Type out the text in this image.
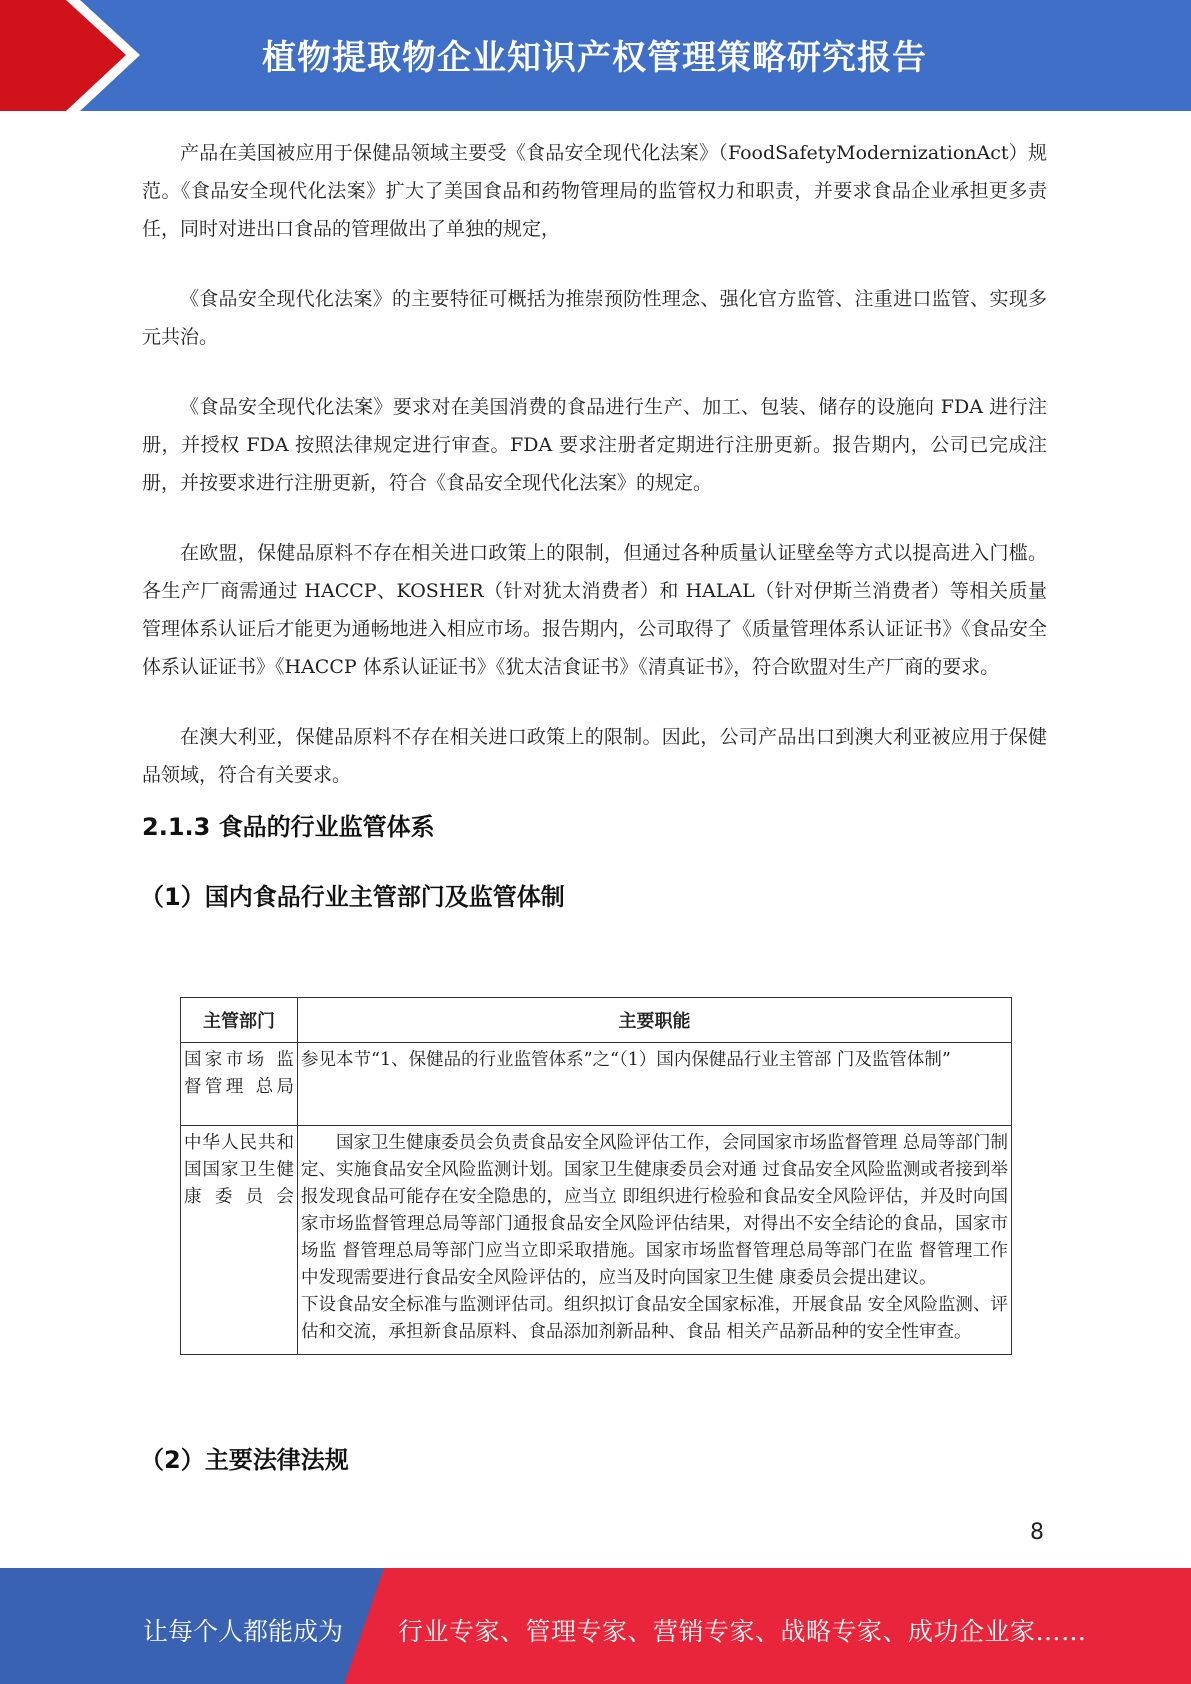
植物提取物企业知识产权管理策略研究报告

产品在美国被应用于保健品领域主要受《食品安全现代化法案》（FoodSafetyModernizationAct）规范。《食品安全现代化法案》扩大了美国食品和药物管理局的监管权力和职责，并要求食品企业承担更多责任，同时对进出口食品的管理做出了单独的规定，

《食品安全现代化法案》的主要特征可概括为推崇预防性理念、强化官方监管、注重进口监管、实现多元共治。

《食品安全现代化法案》要求对在美国消费的食品进行生产、加工、包装、储存的设施向 FDA 进行注册，并授权 FDA 按照法律规定进行审查。FDA 要求注册者定期进行注册更新。报告期内，公司已完成注册，并按要求进行注册更新，符合《食品安全现代化法案》的规定。

在欧盟，保健品原料不存在相关进口政策上的限制，但通过各种质量认证壁垒等方式以提高进入门槛。各生产厂商需通过 HACCP、KOSHER（针对犹太消费者）和 HALAL（针对伊斯兰消费者）等相关质量管理体系认证后才能更为通畅地进入相应市场。报告期内，公司取得了《质量管理体系认证证书》《食品安全体系认证证书》《HACCP 体系认证证书》《犹太洁食证书》《清真证书》，符合欧盟对生产厂商的要求。

在澳大利亚，保健品原料不存在相关进口政策上的限制。因此，公司产品出口到澳大利亚被应用于保健品领域，符合有关要求。

2.1.3 食品的行业监管体系
（1）国内食品行业主管部门及监管体制
主管部门	主要职能
国家市场 监督管理 总局	参见本节“1、保健品的行业监管体系”之“（1）国内保健品行业主管部 门及监管体制”

中华人民共和国国家卫生健康委员会	国家卫生健康委员会负责食品安全风险评估工作，会同国家市场监督管理 总局等部门制定、实施食品安全风险监测计划。国家卫生健康委员会对通 过食品安全风险监测或者接到举报发现食品可能存在安全隐患的，应当立 即组织进行检验和食品安全风险评估，并及时向国家市场监督管理总局等部门通报食品安全风险评估结果，对得出不安全结论的食品，国家市场监 督管理总局等部门应当立即采取措施。国家市场监督管理总局等部门在监 督管理工作中发现需要进行食品安全风险评估的，应当及时向国家卫生健 康委员会提出建议。
下设食品安全标准与监测评估司。组织拟订食品安全国家标准，开展食品 安全风险监测、评估和交流，承担新食品原料、食品添加剂新品种、食品 相关产品新品种的安全性审查。
（2）主要法律法规
8
让每个人都能成为 行业专家、管理专家、营销专家、战略专家、成功企业家……
